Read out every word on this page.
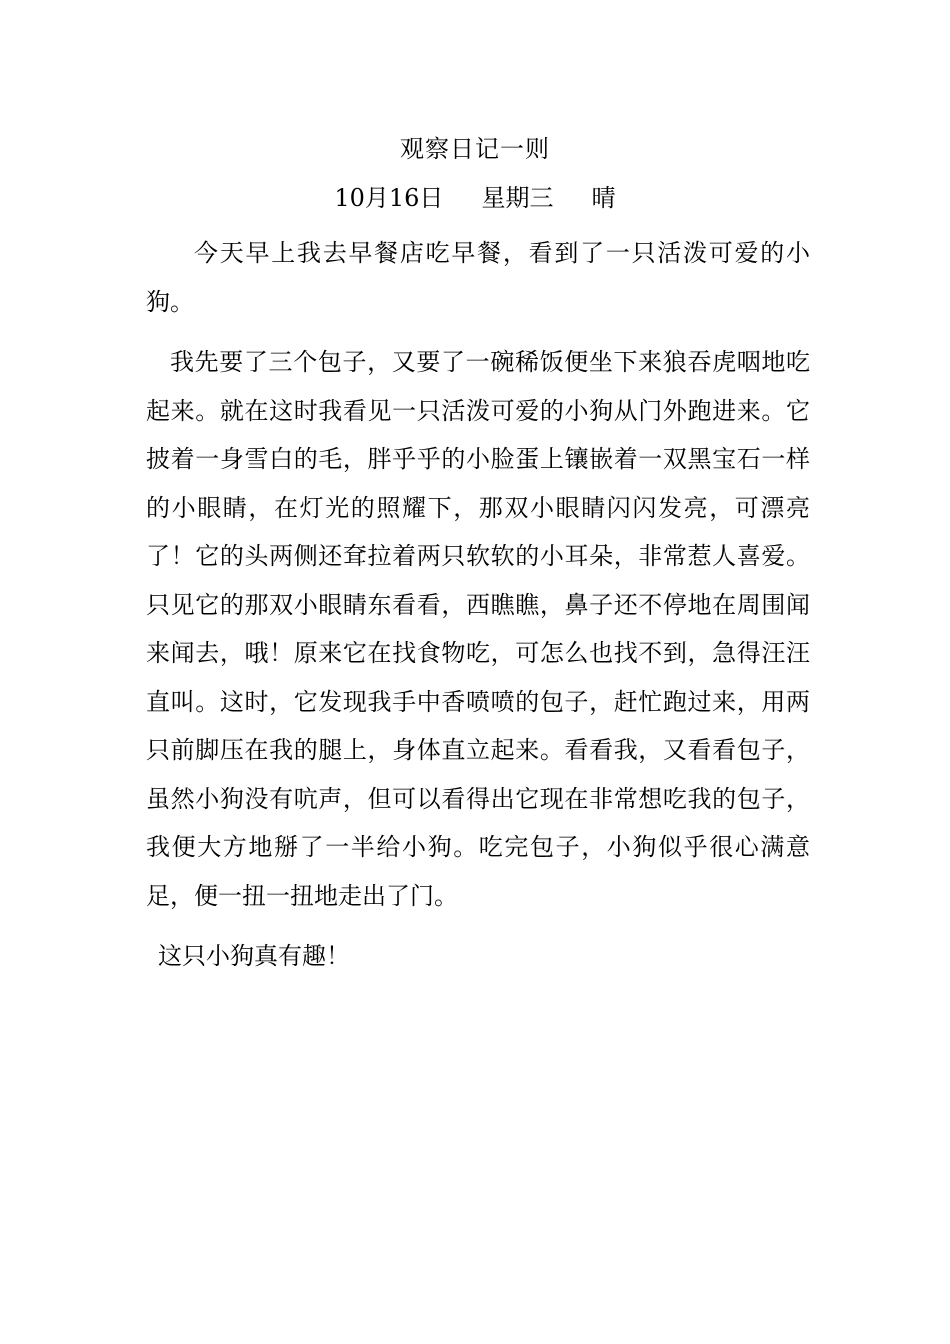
观察日记一则
10月16日     星期三     晴

今天早上我去早餐店吃早餐，看到了一只活泼可爱的小狗。

我先要了三个包子，又要了一碗稀饭便坐下来狼吞虎咽地吃起来。就在这时我看见一只活泼可爱的小狗从门外跑进来。它披着一身雪白的毛，胖乎乎的小脸蛋上镶嵌着一双黑宝石一样的小眼睛，在灯光的照耀下，那双小眼睛闪闪发亮，可漂亮了！它的头两侧还耷拉着两只软软的小耳朵，非常惹人喜爱。只见它的那双小眼睛东看看，西瞧瞧，鼻子还不停地在周围闻来闻去，哦！原来它在找食物吃，可怎么也找不到，急得汪汪直叫。这时，它发现我手中香喷喷的包子，赶忙跑过来，用两只前脚压在我的腿上，身体直立起来。看看我，又看看包子，虽然小狗没有吭声，但可以看得出它现在非常想吃我的包子，我便大方地掰了一半给小狗。吃完包子，小狗似乎很心满意足，便一扭一扭地走出了门。

这只小狗真有趣！
